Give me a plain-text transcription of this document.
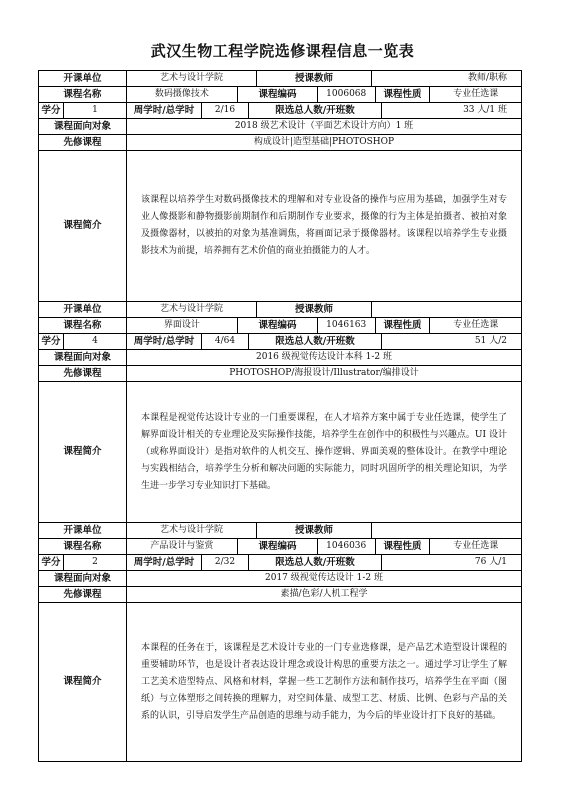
武汉生物工程学院选修课程信息一览表
开课单位	艺术与设计学院	授课教师	教师/职称
课程名称	数码摄像技术	课程编码	1006068	课程性质	专业任选课
学分	1	周学时/总学时	2/16	限选总人数/开班数	33 人/1 班
课程面向对象	2018 级艺术设计（平面艺术设计方向）1 班
先修课程	构成设计|造型基础|PHOTOSHOP
课程简介
该课程以培养学生对数码摄像技术的理解和对专业设备的操作与应用为基础，加强学生对专业人像摄影和静物摄影前期制作和后期制作专业要求，摄像的行为主体是拍摄者、被拍对象及摄像器材，以被拍的对象为基准调焦，将画面记录于摄像器材。该课程以培养学生专业摄影技术为前提，培养拥有艺术价值的商业拍摄能力的人才。
开课单位	艺术与设计学院	授课教师
课程名称	界面设计	课程编码	1046163	课程性质	专业任选课
学分	4	周学时/总学时	4/64	限选总人数/开班数	51 人/2
课程面向对象	2016 级视觉传达设计本科 1-2 班
先修课程	PHOTOSHOP/海报设计/Illustrator/编排设计
课程简介
本课程是视觉传达设计专业的一门重要课程，在人才培养方案中属于专业任选课，使学生了解界面设计相关的专业理论及实际操作技能，培养学生在创作中的积极性与兴趣点。UI 设计（或称界面设计）是指对软件的人机交互、操作逻辑、界面美观的整体设计。在教学中理论与实践相结合，培养学生分析和解决问题的实际能力，同时巩固所学的相关理论知识，为学生进一步学习专业知识打下基础。
开课单位	艺术与设计学院	授课教师
课程名称	产品设计与鉴赏	课程编码	1046036	课程性质	专业任选课
学分	2	周学时/总学时	2/32	限选总人数/开班数	76 人/1
课程面向对象	2017 级视觉传达设计 1-2 班
先修课程	素描/色彩/人机工程学
课程简介
本课程的任务在于，该课程是艺术设计专业的一门专业选修课，是产品艺术造型设计课程的重要辅助环节，也是设计者表达设计理念或设计构思的重要方法之一。通过学习让学生了解工艺美术造型特点、风格和材料，掌握一些工艺制作方法和制作技巧，培养学生在平面（图纸）与立体塑形之间转换的理解力，对空间体量、成型工艺、材质、比例、色彩与产品的关系的认识，引导启发学生产品创造的思维与动手能力，为今后的毕业设计打下良好的基础。
